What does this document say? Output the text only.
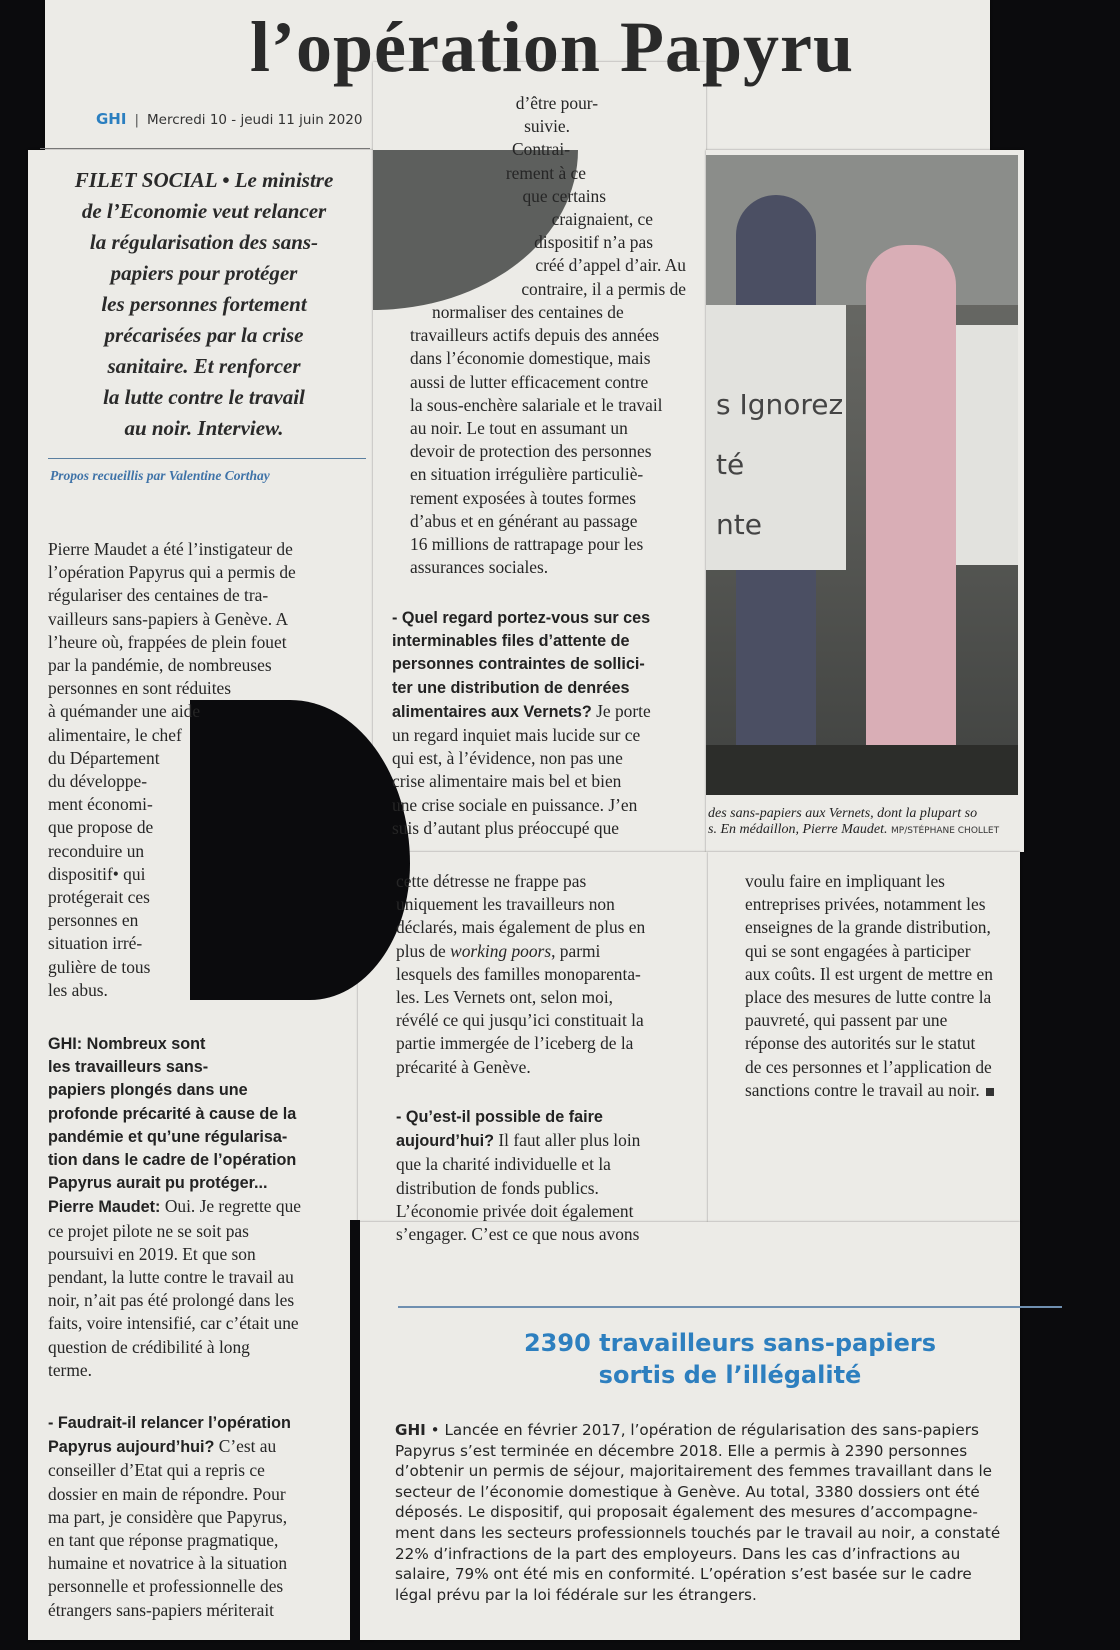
l’opération Papyru
GHI | Mercredi 10 - jeudi 11 juin 2020
FILET SOCIAL • Le ministre
de l’Economie veut relancer
la régularisation des sans-
papiers pour protéger
les personnes fortement
précarisées par la crise
sanitaire. Et renforcer
la lutte contre le travail
au noir. Interview.
Propos recueillis par Valentine Corthay
Pierre Maudet a été l’instigateur de
l’opération Papyrus qui a permis de
régulariser des centaines de tra-
vailleurs sans-papiers à Genève. A
l’heure où, frappées de plein fouet
par la pandémie, de nombreuses
personnes en sont réduites
à quémander une aide
alimentaire, le chef
du Département
du développe-
ment économi-
que propose de
reconduire un
dispositif• qui
protégerait ces
personnes en
situation irré-
gulière de tous
les abus.
GHI: Nombreux sont
les travailleurs sans-
papiers plongés dans une
profonde précarité à cause de la
pandémie et qu’une régularisa-
tion dans le cadre de l’opération
Papyrus aurait pu protéger...
Pierre Maudet: Oui. Je regrette que
ce projet pilote ne se soit pas
poursuivi en 2019. Et que son
pendant, la lutte contre le travail au
noir, n’ait pas été prolongé dans les
faits, voire intensifié, car c’était une
question de crédibilité à long
terme.
- Faudrait-il relancer l’opération
Papyrus aujourd’hui? C’est au
conseiller d’Etat qui a repris ce
dossier en main de répondre. Pour
ma part, je considère que Papyrus,
en tant que réponse pragmatique,
humaine et novatrice à la situation
personnelle et professionnelle des
étrangers sans-papiers mériterait
s Ignorez
té
nte
des sans-papiers aux Vernets, dont la plupart so
s. En médaillon, Pierre Maudet. MP/STÉPHANE CHOLLET
d’être pour-
suivie.
Contrai-
rement à ce
que certains
craignaient, ce
dispositif n’a pas
créé d’appel d’air. Au
contraire, il a permis de
normaliser des centaines de
travailleurs actifs depuis des années
dans l’économie domestique, mais
aussi de lutter efficacement contre
la sous-enchère salariale et le travail
au noir. Le tout en assumant un
devoir de protection des personnes
en situation irrégulière particuliè-
rement exposées à toutes formes
d’abus et en générant au passage
16 millions de rattrapage pour les
assurances sociales.
- Quel regard portez-vous sur ces
interminables files d’attente de
personnes contraintes de sollici-
ter une distribution de denrées
alimentaires aux Vernets? Je porte
un regard inquiet mais lucide sur ce
qui est, à l’évidence, non pas une
crise alimentaire mais bel et bien
une crise sociale en puissance. J’en
suis d’autant plus préoccupé que
cette détresse ne frappe pas
uniquement les travailleurs non
déclarés, mais également de plus en
plus de working poors, parmi
lesquels des familles monoparenta-
les. Les Vernets ont, selon moi,
révélé ce qui jusqu’ici constituait la
partie immergée de l’iceberg de la
précarité à Genève.
- Qu’est-il possible de faire
aujourd’hui? Il faut aller plus loin
que la charité individuelle et la
distribution de fonds publics.
L’économie privée doit également
s’engager. C’est ce que nous avons
voulu faire en impliquant les
entreprises privées, notamment les
enseignes de la grande distribution,
qui se sont engagées à participer
aux coûts. Il est urgent de mettre en
place des mesures de lutte contre la
pauvreté, qui passent par une
réponse des autorités sur le statut
de ces personnes et l’application de
sanctions contre le travail au noir.
2390 travailleurs sans-papiers
sortis de l’illégalité
GHI • Lancée en février 2017, l’opération de régularisation des sans-papiers
Papyrus s’est terminée en décembre 2018. Elle a permis à 2390 personnes
d’obtenir un permis de séjour, majoritairement des femmes travaillant dans le
secteur de l’économie domestique à Genève. Au total, 3380 dossiers ont été
déposés. Le dispositif, qui proposait également des mesures d’accompagne-
ment dans les secteurs professionnels touchés par le travail au noir, a constaté
22% d’infractions de la part des employeurs. Dans les cas d’infractions au
salaire, 79% ont été mis en conformité. L’opération s’est basée sur le cadre
légal prévu par la loi fédérale sur les étrangers.
